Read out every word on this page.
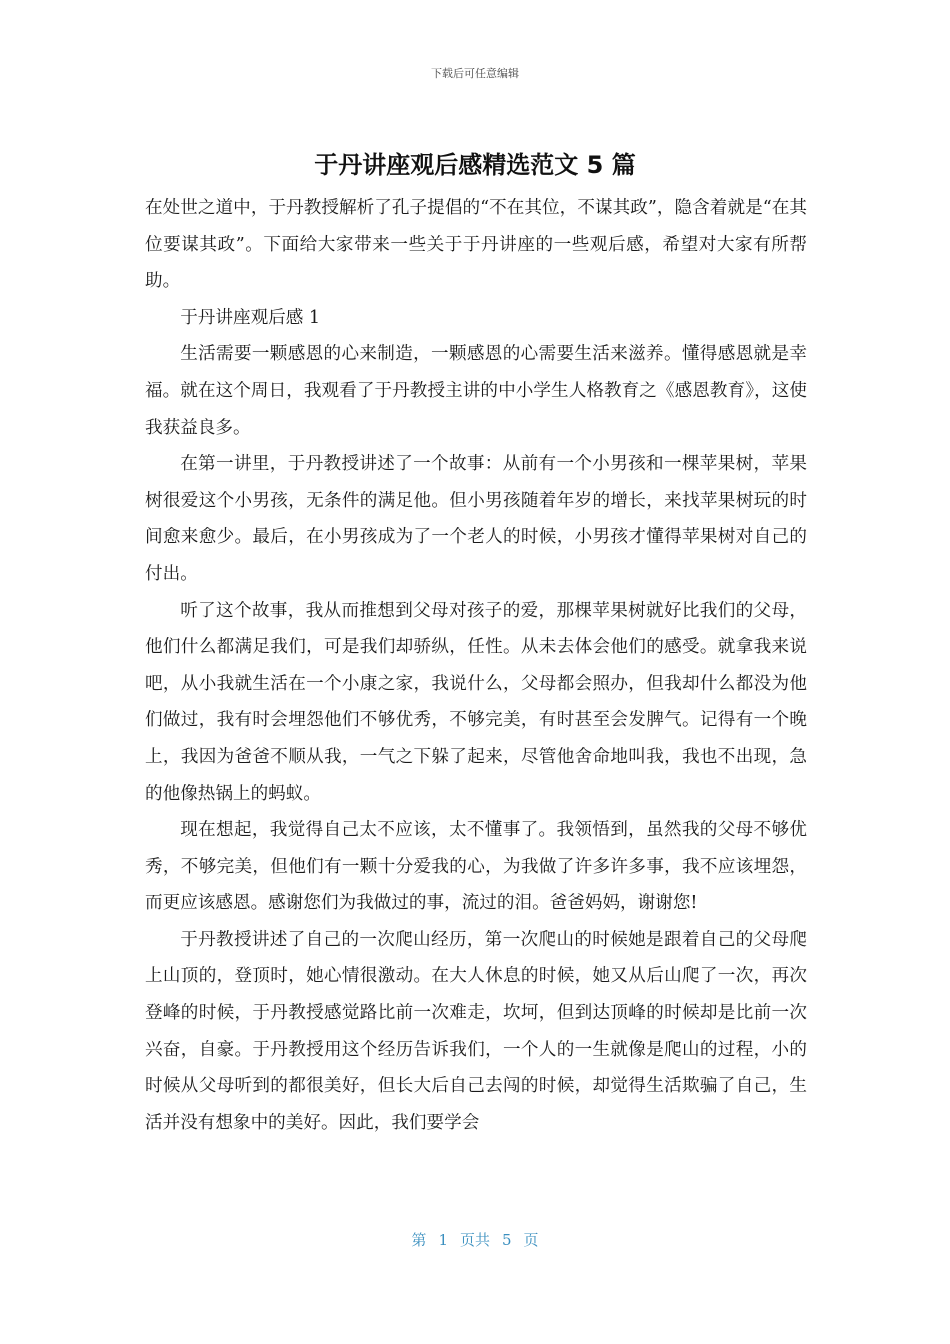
下载后可任意编辑
于丹讲座观后感精选范文 5 篇

在处世之道中，于丹教授解析了孔子提倡的“不在其位，不谋其政”，隐含着就是“在其位要谋其政”。下面给大家带来一些关于于丹讲座的一些观后感，希望对大家有所帮助。

于丹讲座观后感 1

生活需要一颗感恩的心来制造，一颗感恩的心需要生活来滋养。懂得感恩就是幸福。就在这个周日，我观看了于丹教授主讲的中小学生人格教育之《感恩教育》，这使我获益良多。

在第一讲里，于丹教授讲述了一个故事：从前有一个小男孩和一棵苹果树，苹果树很爱这个小男孩，无条件的满足他。但小男孩随着年岁的增长，来找苹果树玩的时间愈来愈少。最后，在小男孩成为了一个老人的时候，小男孩才懂得苹果树对自己的付出。

听了这个故事，我从而推想到父母对孩子的爱，那棵苹果树就好比我们的父母，他们什么都满足我们，可是我们却骄纵，任性。从未去体会他们的感受。就拿我来说吧，从小我就生活在一个小康之家，我说什么，父母都会照办，但我却什么都没为他们做过，我有时会埋怨他们不够优秀，不够完美，有时甚至会发脾气。记得有一个晚上，我因为爸爸不顺从我，一气之下躲了起来，尽管他舍命地叫我，我也不出现，急的他像热锅上的蚂蚁。

现在想起，我觉得自己太不应该，太不懂事了。我领悟到，虽然我的父母不够优秀，不够完美，但他们有一颗十分爱我的心，为我做了许多许多事，我不应该埋怨，而更应该感恩。感谢您们为我做过的事，流过的泪。爸爸妈妈，谢谢您!

于丹教授讲述了自己的一次爬山经历，第一次爬山的时候她是跟着自己的父母爬上山顶的，登顶时，她心情很激动。在大人休息的时候，她又从后山爬了一次，再次登峰的时候，于丹教授感觉路比前一次难走，坎坷，但到达顶峰的时候却是比前一次兴奋，自豪。于丹教授用这个经历告诉我们，一个人的一生就像是爬山的过程，小的时候从父母听到的都很美好，但长大后自己去闯的时候，却觉得生活欺骗了自己，生活并没有想象中的美好。因此，我们要学会

第 1 页共 5 页
